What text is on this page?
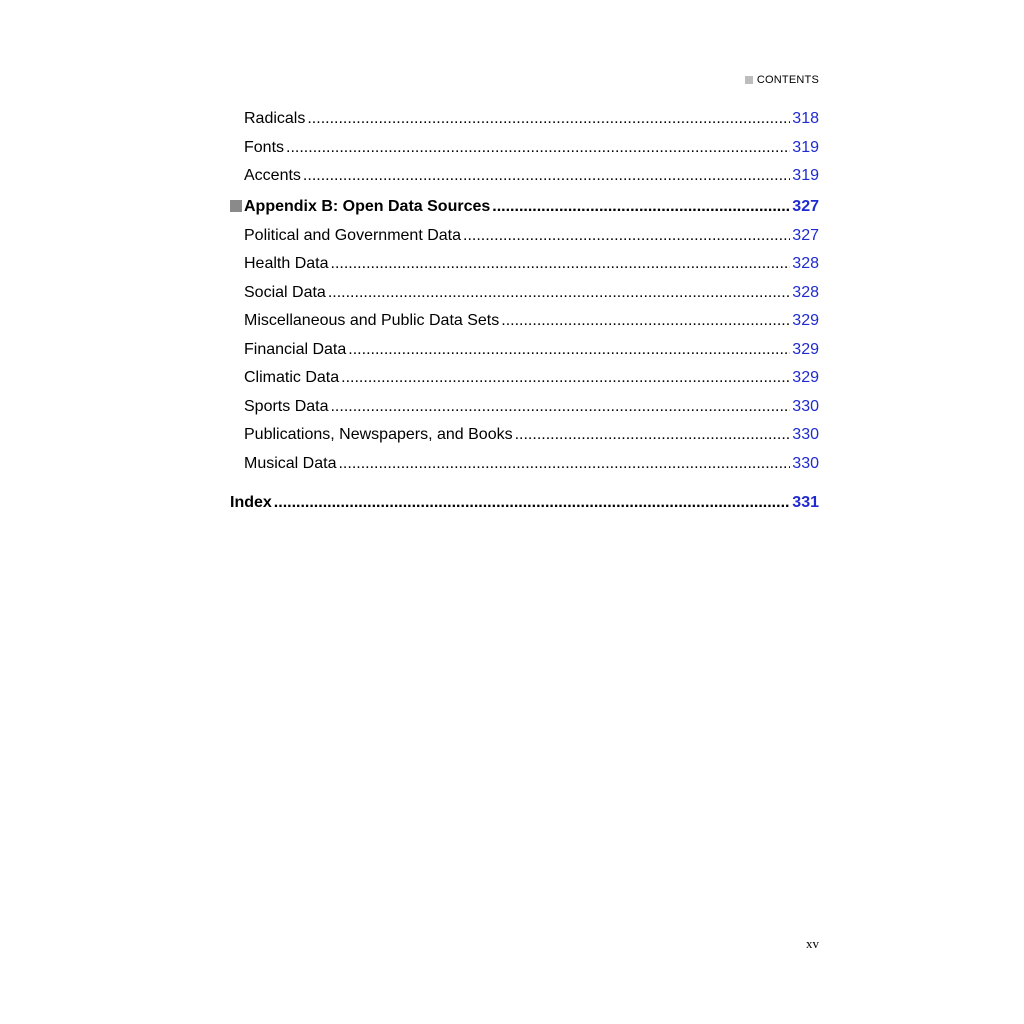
CONTENTS
Radicals .....	318
Fonts .....	319
Accents .....	319
Appendix B: Open Data Sources .....	327
Political and Government Data .....	327
Health Data .....	328
Social Data .....	328
Miscellaneous and Public Data Sets .....	329
Financial Data .....	329
Climatic Data .....	329
Sports Data .....	330
Publications, Newspapers, and Books .....	330
Musical Data .....	330
Index .....	331
xv
